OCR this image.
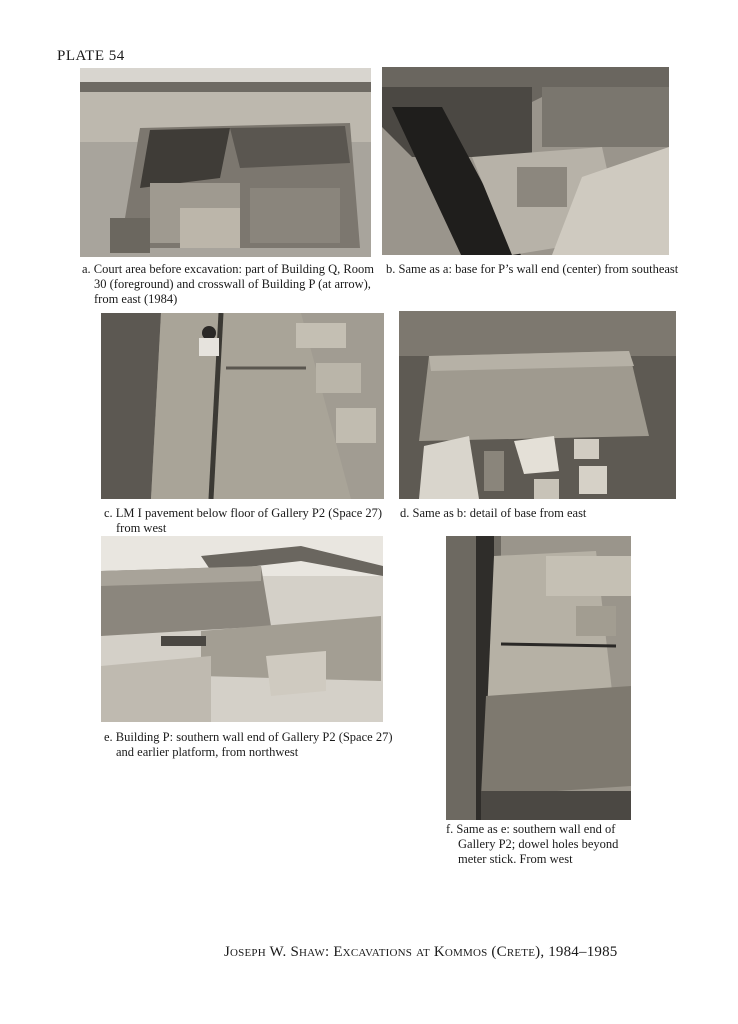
PLATE 54
a. Court area before excavation: part of Building Q, Room 30 (foreground) and crosswall of Building P (at arrow), from east (1984)
b. Same as a: base for P’s wall end (center) from southeast
c. LM I pavement below floor of Gallery P2 (Space 27) from west
d. Same as b: detail of base from east
e. Building P: southern wall end of Gallery P2 (Space 27) and earlier platform, from northwest
f. Same as e: southern wall end of Gallery P2; dowel holes beyond meter stick. From west
Joseph W. Shaw: Excavations at Kommos (Crete), 1984–1985
